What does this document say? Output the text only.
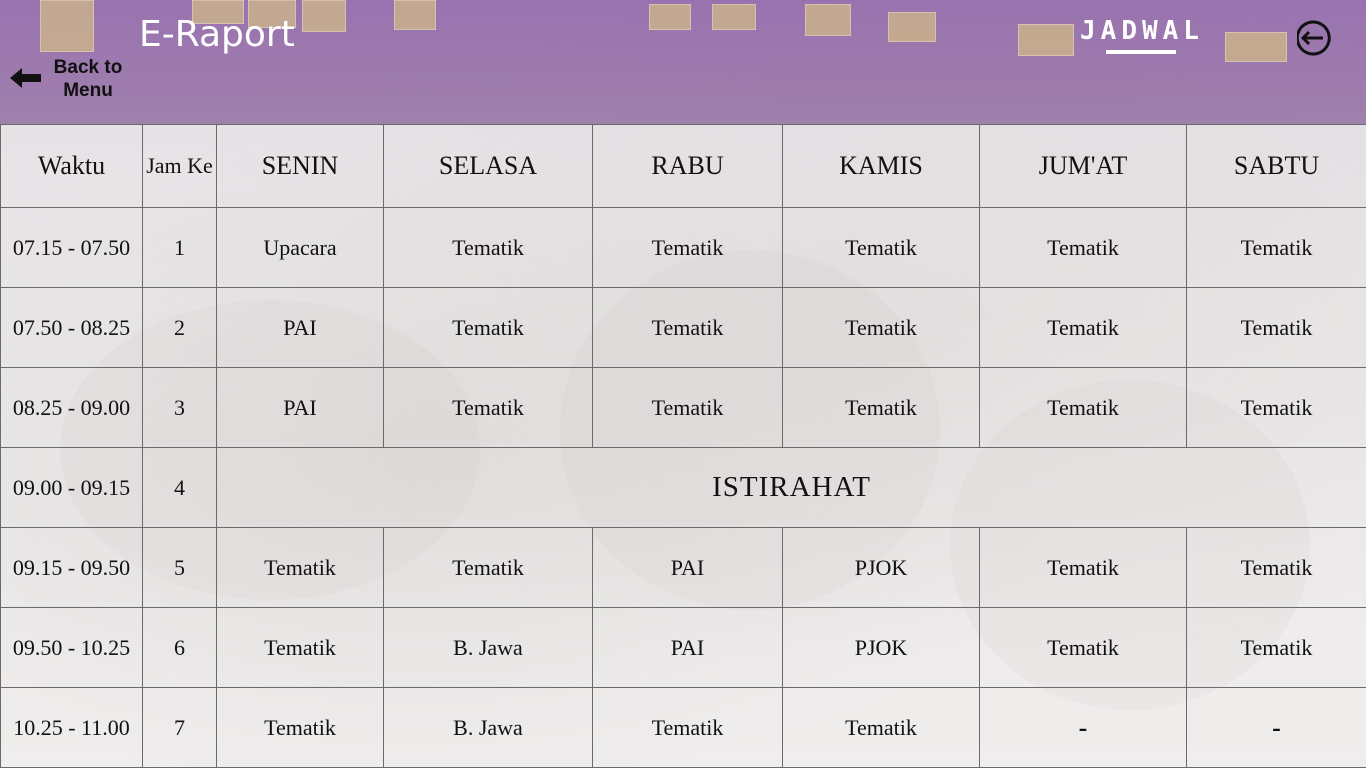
E-Raport
Back to Menu
JADWAL
Waktu	Jam Ke	SENIN	SELASA	RABU	KAMIS	JUM'AT	SABTU
07.15 - 07.50	1	Upacara	Tematik	Tematik	Tematik	Tematik	Tematik
07.50 - 08.25	2	PAI	Tematik	Tematik	Tematik	Tematik	Tematik
08.25 - 09.00	3	PAI	Tematik	Tematik	Tematik	Tematik	Tematik
09.00 - 09.15	4	ISTIRAHAT					
09.15 - 09.50	5	Tematik	Tematik	PAI	PJOK	Tematik	Tematik
09.50 - 10.25	6	Tematik	B. Jawa	PAI	PJOK	Tematik	Tematik
10.25 - 11.00	7	Tematik	B. Jawa	Tematik	Tematik	-	-
